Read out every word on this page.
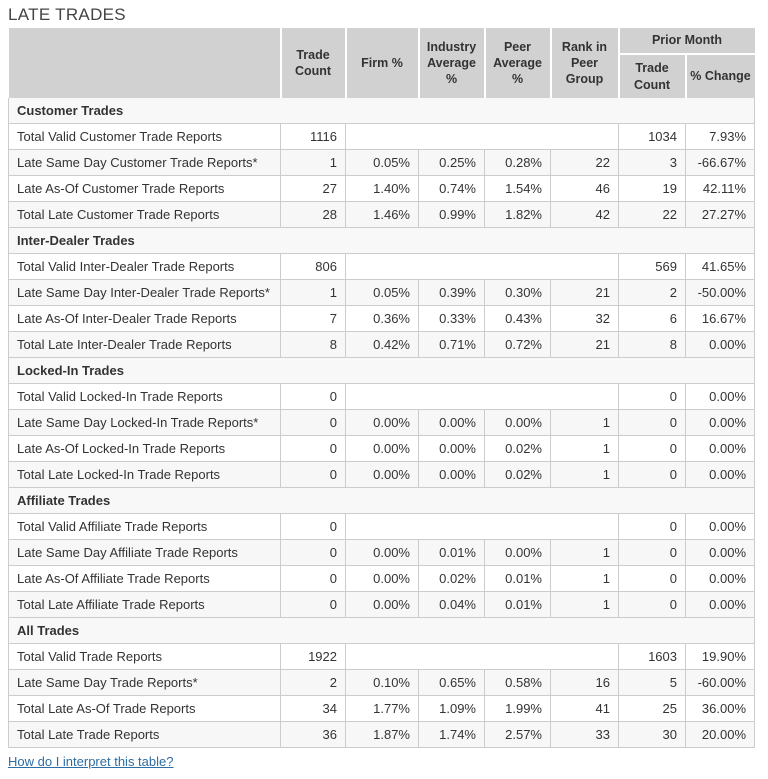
LATE TRADES
	Trade Count	Firm %	Industry Average %	Peer Average %	Rank in Peer Group	Prior Month	
						Trade Count	% Change
Customer Trades							
Total Valid Customer Trade Reports	1116					1034	7.93%
Late Same Day Customer Trade Reports*	1	0.05%	0.25%	0.28%	22	3	-66.67%
Late As-Of Customer Trade Reports	27	1.40%	0.74%	1.54%	46	19	42.11%
Total Late Customer Trade Reports	28	1.46%	0.99%	1.82%	42	22	27.27%
Inter-Dealer Trades							
Total Valid Inter-Dealer Trade Reports	806					569	41.65%
Late Same Day Inter-Dealer Trade Reports*	1	0.05%	0.39%	0.30%	21	2	-50.00%
Late As-Of Inter-Dealer Trade Reports	7	0.36%	0.33%	0.43%	32	6	16.67%
Total Late Inter-Dealer Trade Reports	8	0.42%	0.71%	0.72%	21	8	0.00%
Locked-In Trades							
Total Valid Locked-In Trade Reports	0					0	0.00%
Late Same Day Locked-In Trade Reports*	0	0.00%	0.00%	0.00%	1	0	0.00%
Late As-Of Locked-In Trade Reports	0	0.00%	0.00%	0.02%	1	0	0.00%
Total Late Locked-In Trade Reports	0	0.00%	0.00%	0.02%	1	0	0.00%
Affiliate Trades							
Total Valid Affiliate Trade Reports	0					0	0.00%
Late Same Day Affiliate Trade Reports	0	0.00%	0.01%	0.00%	1	0	0.00%
Late As-Of Affiliate Trade Reports	0	0.00%	0.02%	0.01%	1	0	0.00%
Total Late Affiliate Trade Reports	0	0.00%	0.04%	0.01%	1	0	0.00%
All Trades							
Total Valid Trade Reports	1922					1603	19.90%
Late Same Day Trade Reports*	2	0.10%	0.65%	0.58%	16	5	-60.00%
Total Late As-Of Trade Reports	34	1.77%	1.09%	1.99%	41	25	36.00%
Total Late Trade Reports	36	1.87%	1.74%	2.57%	33	30	20.00%
How do I interpret this table?
